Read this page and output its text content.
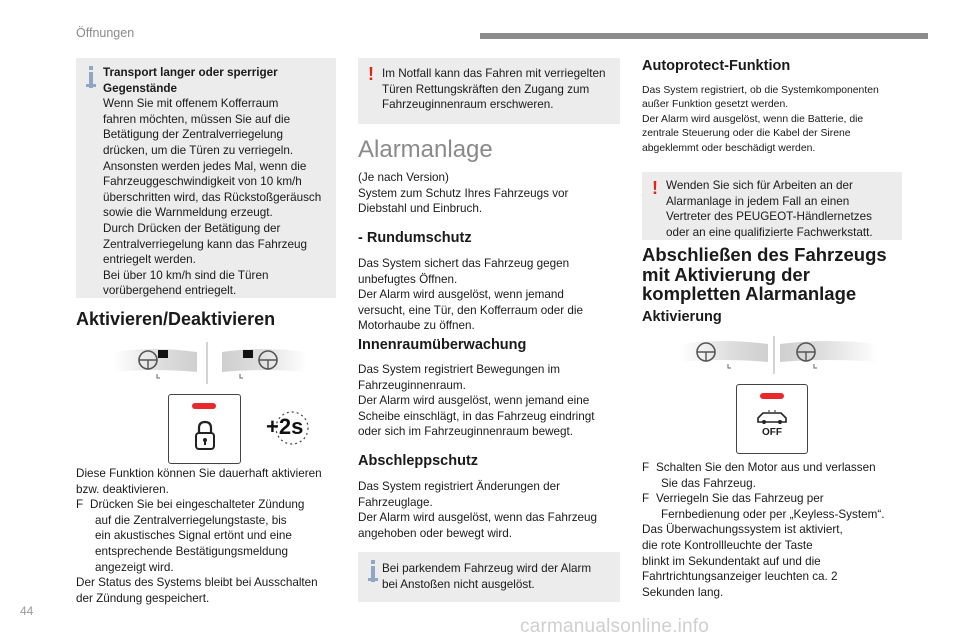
Öffnungen
Transport langer oder sperriger
Gegenstände
Wenn Sie mit offenem Kofferraum
fahren möchten, müssen Sie auf die
Betätigung der Zentralverriegelung
drücken, um die Türen zu verriegeln.
Ansonsten werden jedes Mal, wenn die
Fahrzeuggeschwindigkeit von 10 km/h
überschritten wird, das Rückstoßgeräusch
sowie die Warnmeldung erzeugt.
Durch Drücken der Betätigung der
Zentralverriegelung kann das Fahrzeug
entriegelt werden.
Bei über 10 km/h sind die Türen
vorübergehend entriegelt.
Aktivieren/Deaktivieren
+2s
Diese Funktion können Sie dauerhaft aktivieren
bzw. deaktivieren.
F Drücken Sie bei eingeschalteter Zündung
auf die Zentralverriegelungstaste, bis
ein akustisches Signal ertönt und eine
entsprechende Bestätigungsmeldung
angezeigt wird.
Der Status des Systems bleibt bei Ausschalten
der Zündung gespeichert.
! Im Notfall kann das Fahren mit verriegelten
Türen Rettungskräften den Zugang zum
Fahrzeuginnenraum erschweren.
Alarmanlage
(Je nach Version)
System zum Schutz Ihres Fahrzeugs vor
Diebstahl und Einbruch.
- Rundumschutz
Das System sichert das Fahrzeug gegen
unbefugtes Öffnen.
Der Alarm wird ausgelöst, wenn jemand
versucht, eine Tür, den Kofferraum oder die
Motorhaube zu öffnen.
Innenraumüberwachung
Das System registriert Bewegungen im
Fahrzeuginnenraum.
Der Alarm wird ausgelöst, wenn jemand eine
Scheibe einschlägt, in das Fahrzeug eindringt
oder sich im Fahrzeuginnenraum bewegt.
Abschleppschutz
Das System registriert Änderungen der
Fahrzeuglage.
Der Alarm wird ausgelöst, wenn das Fahrzeug
angehoben oder bewegt wird.
Bei parkendem Fahrzeug wird der Alarm
bei Anstoßen nicht ausgelöst.
Autoprotect-Funktion
Das System registriert, ob die Systemkomponenten
außer Funktion gesetzt werden.
Der Alarm wird ausgelöst, wenn die Batterie, die
zentrale Steuerung oder die Kabel der Sirene
abgeklemmt oder beschädigt werden.
! Wenden Sie sich für Arbeiten an der
Alarmanlage in jedem Fall an einen
Vertreter des PEUGEOT-Händlernetzes
oder an eine qualifizierte Fachwerkstatt.
Abschließen des Fahrzeugs
mit Aktivierung der
kompletten Alarmanlage
Aktivierung
OFF
F Schalten Sie den Motor aus und verlassen
Sie das Fahrzeug.
F Verriegeln Sie das Fahrzeug per
Fernbedienung oder per „Keyless-System“.
Das Überwachungssystem ist aktiviert,
die rote Kontrollleuchte der Taste
blinkt im Sekundentakt auf und die
Fahrtrichtungsanzeiger leuchten ca. 2
Sekunden lang.
44
carmanualsonline.info
